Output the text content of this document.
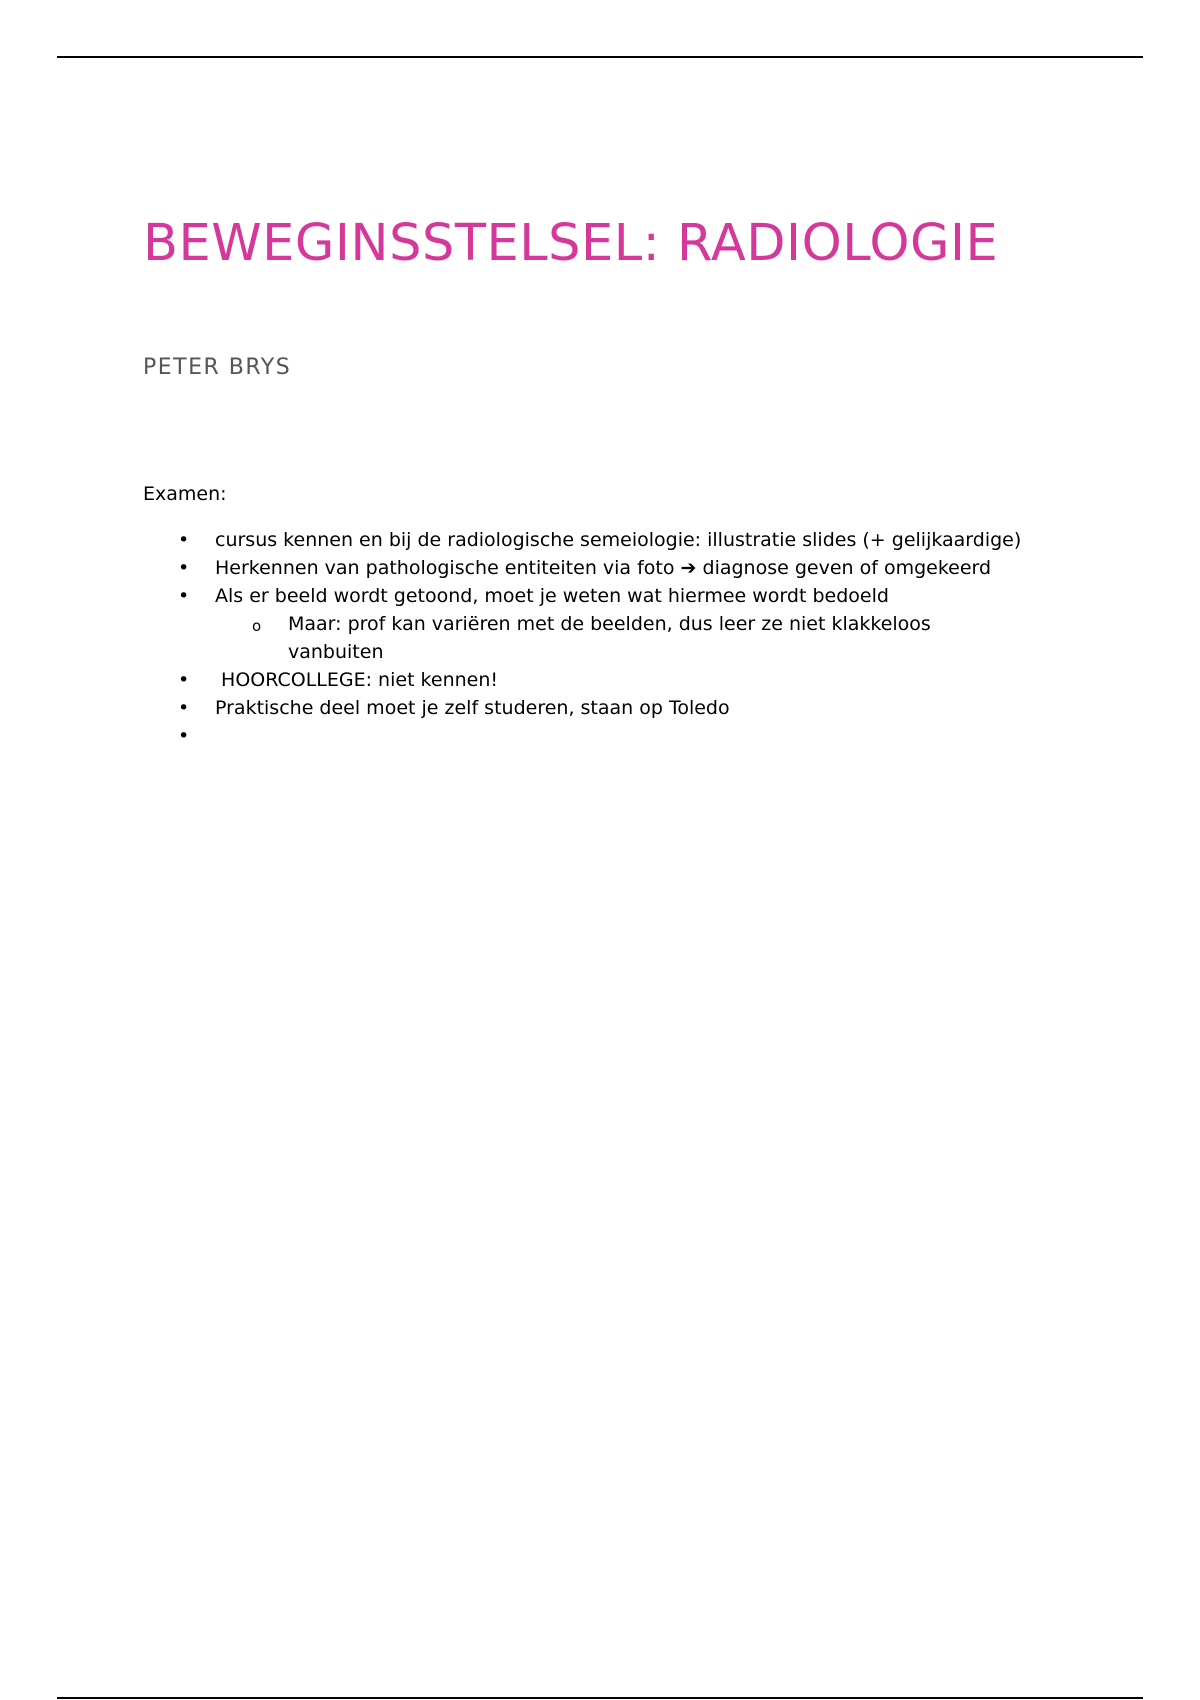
BEWEGINSSTELSEL: RADIOLOGIE
PETER BRYS
Examen:
• cursus kennen en bij de radiologische semeiologie: illustratie slides (+ gelijkaardige)
• Herkennen van pathologische entiteiten via foto ➔ diagnose geven of omgekeerd
• Als er beeld wordt getoond, moet je weten wat hiermee wordt bedoeld
o Maar: prof kan variëren met de beelden, dus leer ze niet klakkeloos vanbuiten
• HOORCOLLEGE: niet kennen!
• Praktische deel moet je zelf studeren, staan op Toledo
•
